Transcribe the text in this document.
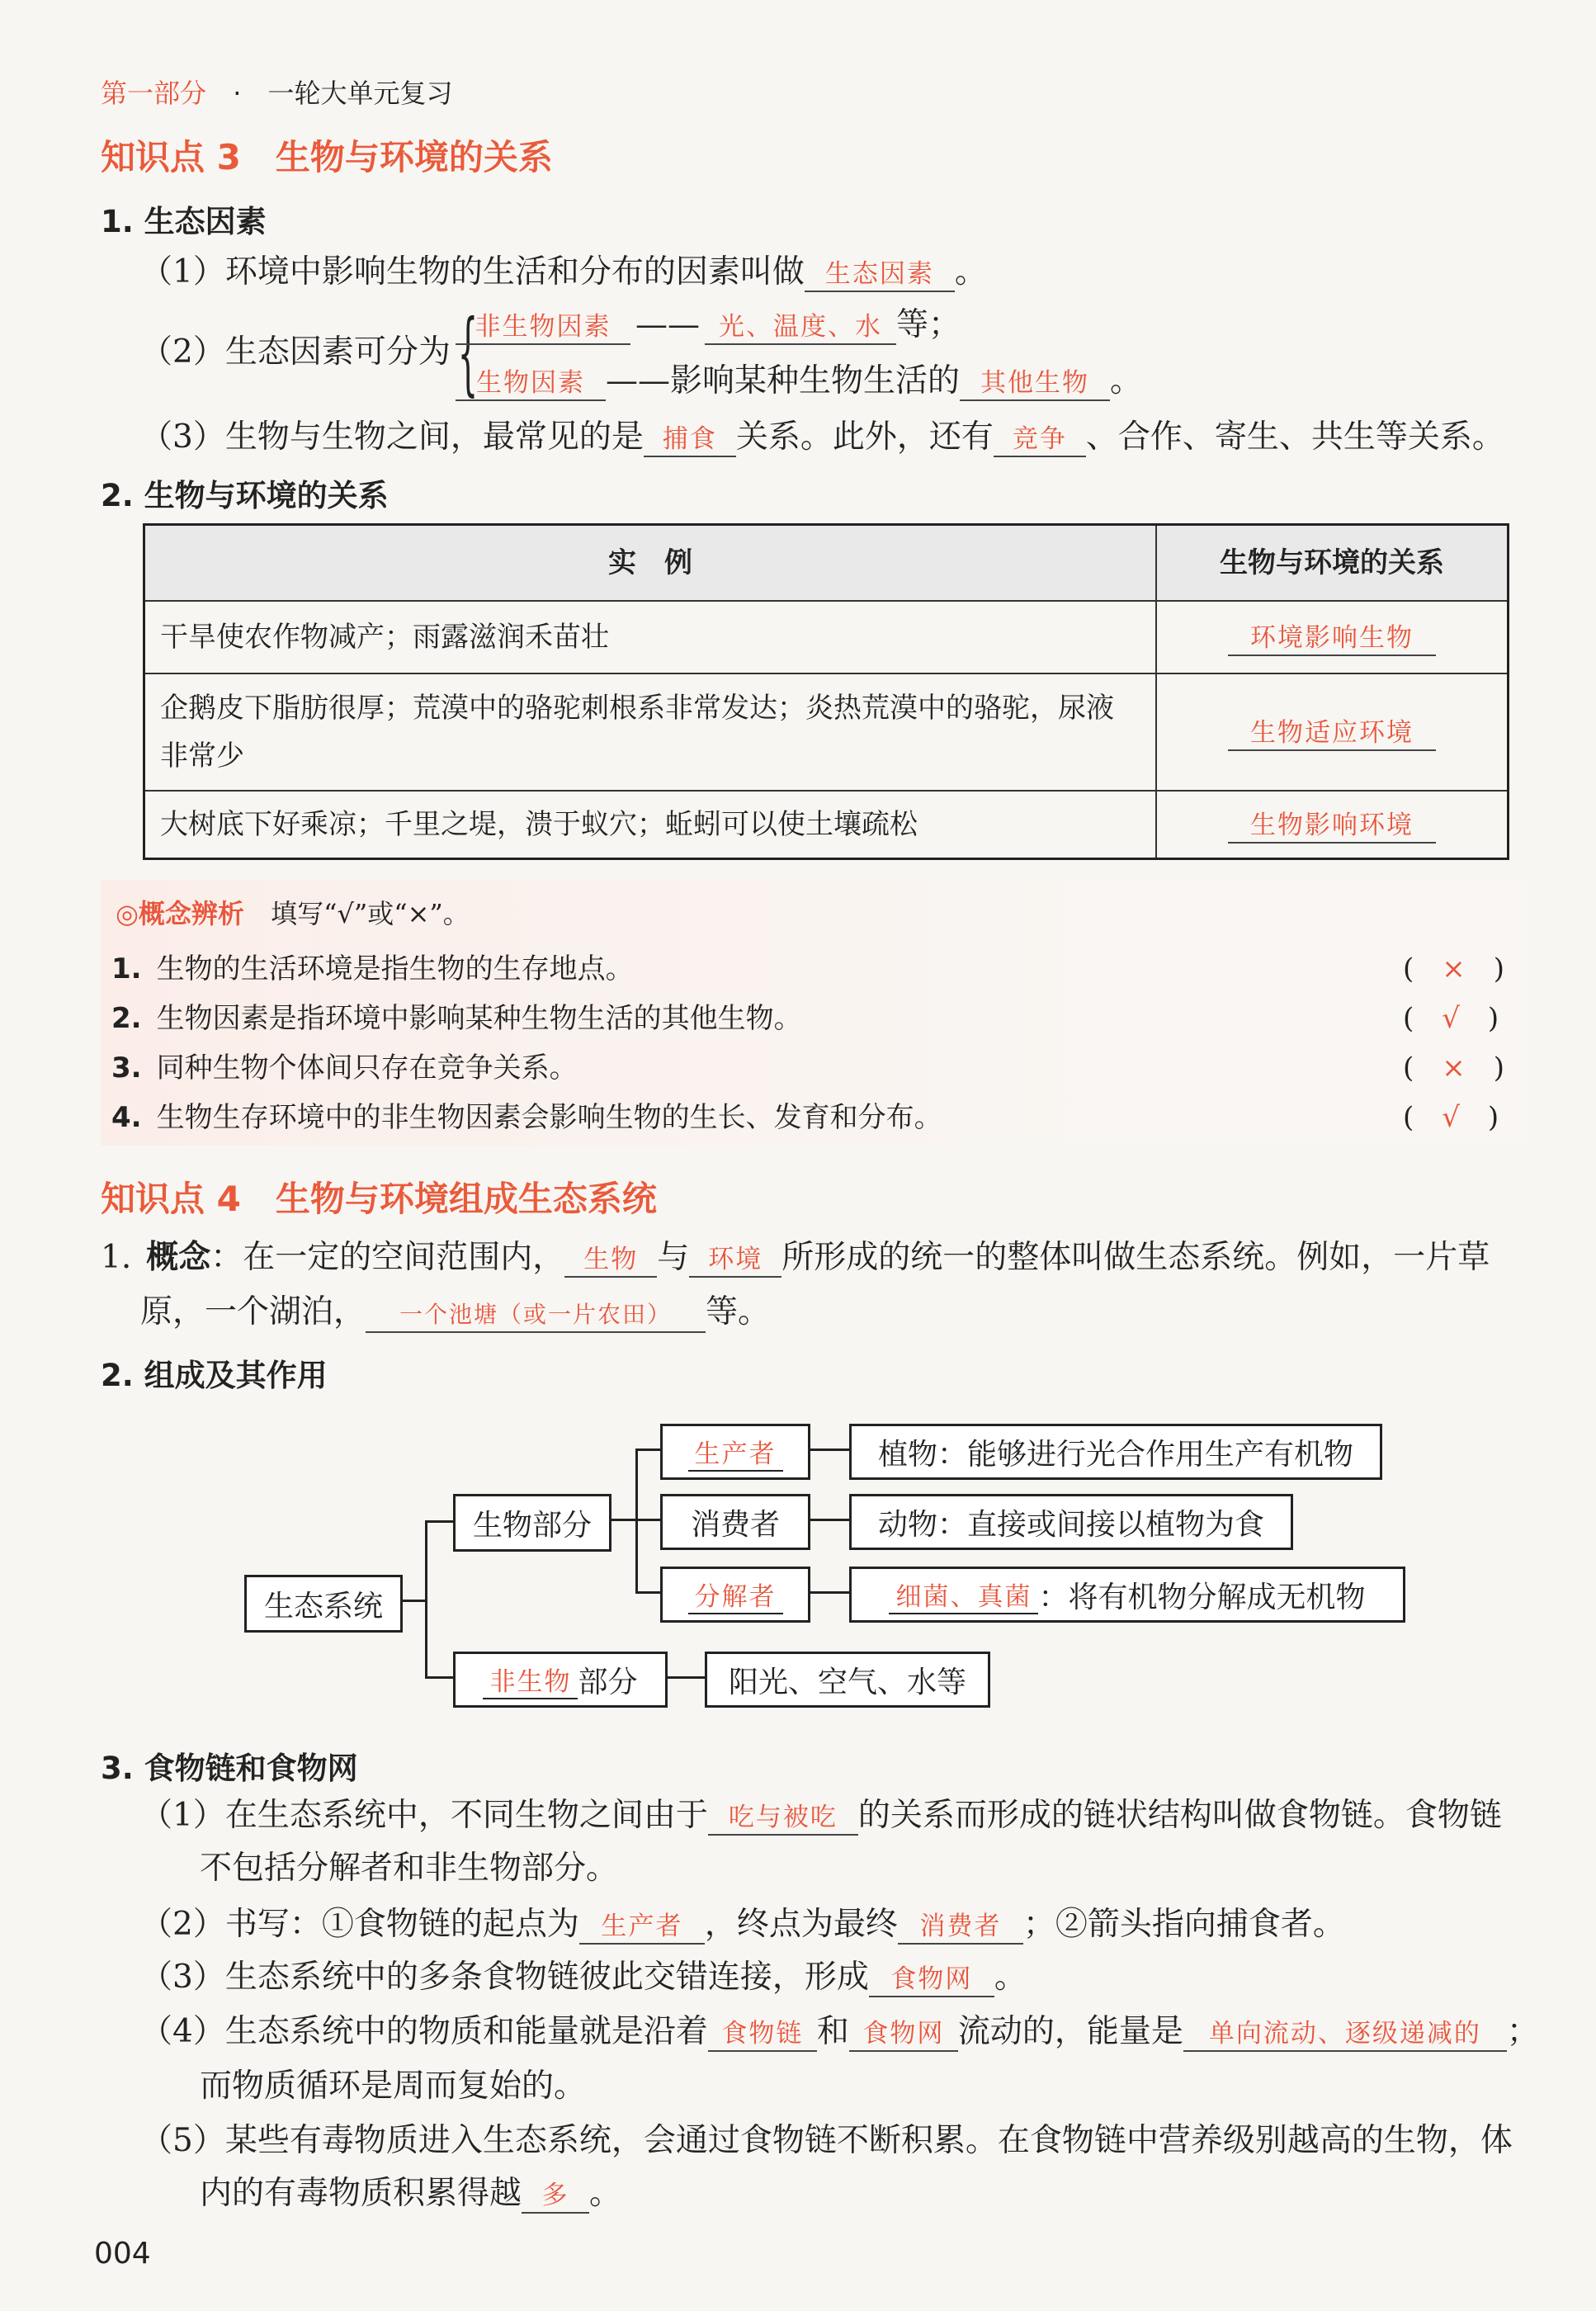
第一部分 · 一轮大单元复习
知识点 3　生物与环境的关系
1. 生态因素
（1）环境中影响生物的生活和分布的因素叫做 生态因素 。
（2）生态因素可分为 {
非生物因素 —— 光、温度、水 等；
生物因素 ——影响某种生物生活的 其他生物 。
（3）生物与生物之间，最常见的是 捕食 关系。此外，还有 竞争 、合作、寄生、共生等关系。
2. 生物与环境的关系
实　例	生物与环境的关系
干旱使农作物减产；雨露滋润禾苗壮	环境影响生物
企鹅皮下脂肪很厚；荒漠中的骆驼刺根系非常发达；炎热荒漠中的骆驼，尿液非常少	生物适应环境
大树底下好乘凉；千里之堤，溃于蚁穴；蚯蚓可以使土壤疏松	生物影响环境
◎概念辨析 填写“√”或“×”。
1. 生物的生活环境是指生物的生存地点。	(　×　)
2. 生物因素是指环境中影响某种生物生活的其他生物。	(　√　)
3. 同种生物个体间只存在竞争关系。	(　×　)
4. 生物生存环境中的非生物因素会影响生物的生长、发育和分布。	(　√　)
知识点 4　生物与环境组成生态系统
1. 概念：在一定的空间范围内， 生物 与 环境 所形成的统一的整体叫做生态系统。例如，一片草
原，一个湖泊， 一个池塘（或一片农田） 等。
2. 组成及其作用
生态系统
生物部分
生产者
消费者
分解者
植物：能够进行光合作用生产有机物
动物：直接或间接以植物为食
细菌、真菌 ：将有机物分解成无机物
非生物 部分	阳光、空气、水等
3. 食物链和食物网
（1）在生态系统中，不同生物之间由于 吃与被吃 的关系而形成的链状结构叫做食物链。食物链
不包括分解者和非生物部分。
（2）书写：①食物链的起点为 生产者 ，终点为最终 消费者 ；②箭头指向捕食者。
（3）生态系统中的多条食物链彼此交错连接，形成 食物网 。
（4）生态系统中的物质和能量就是沿着 食物链 和 食物网 流动的，能量是 单向流动、逐级递减的 ；
而物质循环是周而复始的。
（5）某些有毒物质进入生态系统，会通过食物链不断积累。在食物链中营养级别越高的生物，体
内的有毒物质积累得越 多 。
004
